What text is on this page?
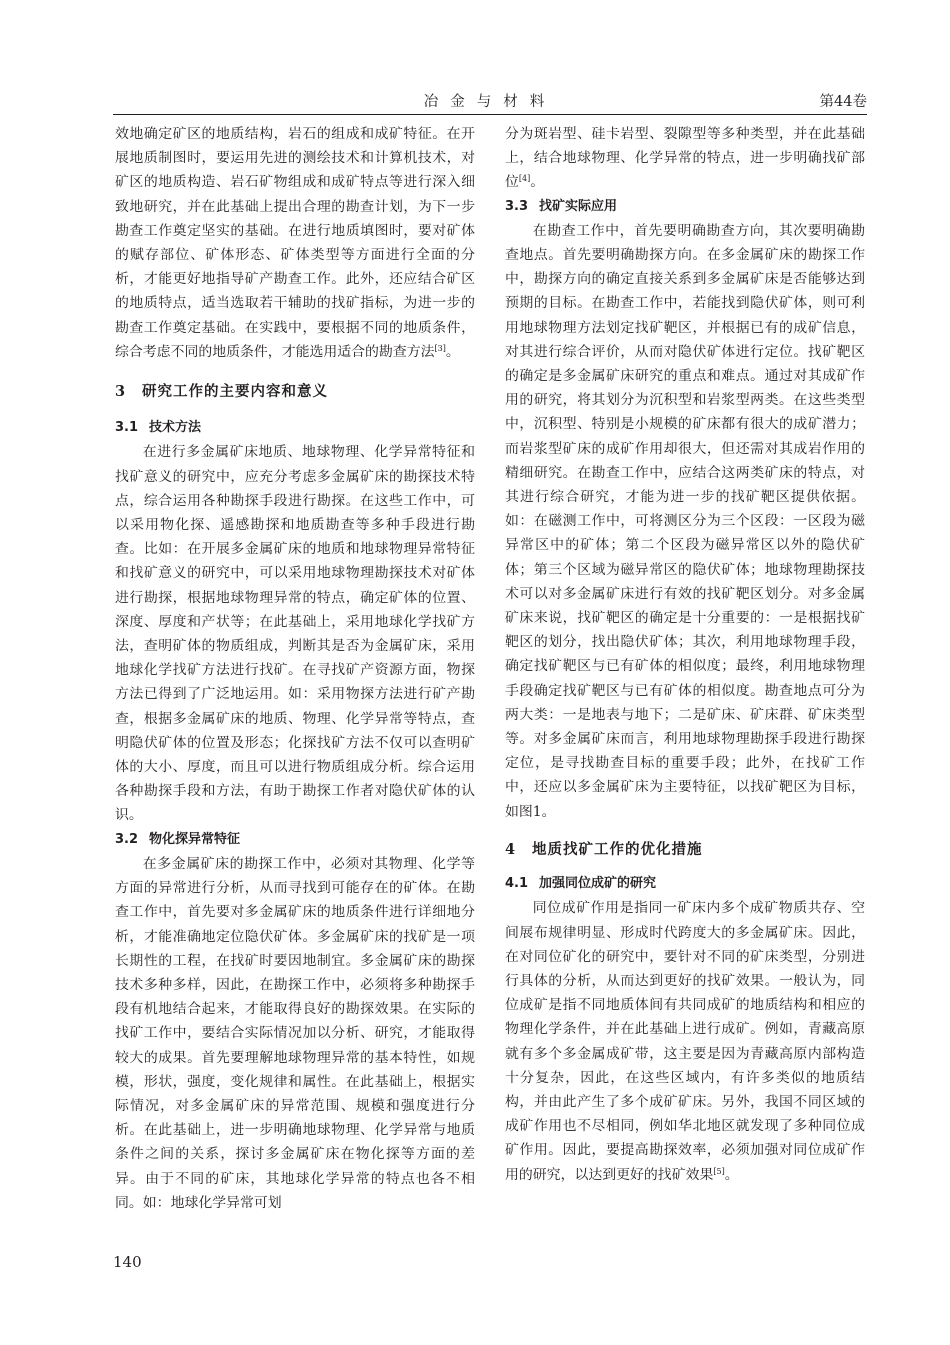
冶金与材料	第44卷

效地确定矿区的地质结构，岩石的组成和成矿特征。在开展地质制图时，要运用先进的测绘技术和计算机技术，对矿区的地质构造、岩石矿物组成和成矿特点等进行深入细致地研究，并在此基础上提出合理的勘查计划，为下一步勘查工作奠定坚实的基础。在进行地质填图时，要对矿体的赋存部位、矿体形态、矿体类型等方面进行全面的分析，才能更好地指导矿产勘查工作。此外，还应结合矿区的地质特点，适当选取若干辅助的找矿指标，为进一步的勘查工作奠定基础。在实践中，要根据不同的地质条件，综合考虑不同的地质条件，才能选用适合的勘查方法[3]。

3 研究工作的主要内容和意义
3.1 技术方法

在进行多金属矿床地质、地球物理、化学异常特征和找矿意义的研究中，应充分考虑多金属矿床的勘探技术特点，综合运用各种勘探手段进行勘探。在这些工作中，可以采用物化探、遥感勘探和地质勘查等多种手段进行勘查。比如：在开展多金属矿床的地质和地球物理异常特征和找矿意义的研究中，可以采用地球物理勘探技术对矿体进行勘探，根据地球物理异常的特点，确定矿体的位置、深度、厚度和产状等；在此基础上，采用地球化学找矿方法，查明矿体的物质组成，判断其是否为金属矿床，采用地球化学找矿方法进行找矿。在寻找矿产资源方面，物探方法已得到了广泛地运用。如：采用物探方法进行矿产勘查，根据多金属矿床的地质、物理、化学异常等特点，查明隐伏矿体的位置及形态；化探找矿方法不仅可以查明矿体的大小、厚度，而且可以进行物质组成分析。综合运用各种勘探手段和方法，有助于勘探工作者对隐伏矿体的认识。

3.2 物化探异常特征

在多金属矿床的勘探工作中，必须对其物理、化学等方面的异常进行分析，从而寻找到可能存在的矿体。在勘查工作中，首先要对多金属矿床的地质条件进行详细地分析，才能准确地定位隐伏矿体。多金属矿床的找矿是一项长期性的工程，在找矿时要因地制宜。多金属矿床的勘探技术多种多样，因此，在勘探工作中，必须将多种勘探手段有机地结合起来，才能取得良好的勘探效果。在实际的找矿工作中，要结合实际情况加以分析、研究，才能取得较大的成果。首先要理解地球物理异常的基本特性，如规模，形状，强度，变化规律和属性。在此基础上，根据实际情况，对多金属矿床的异常范围、规模和强度进行分析。在此基础上，进一步明确地球物理、化学异常与地质条件之间的关系，探讨多金属矿床在物化探等方面的差异。由于不同的矿床，其地球化学异常的特点也各不相同。如：地球化学异常可划

分为斑岩型、硅卡岩型、裂隙型等多种类型，并在此基础上，结合地球物理、化学异常的特点，进一步明确找矿部位[4]。

3.3 找矿实际应用

在勘查工作中，首先要明确勘查方向，其次要明确勘查地点。首先要明确勘探方向。在多金属矿床的勘探工作中，勘探方向的确定直接关系到多金属矿床是否能够达到预期的目标。在勘查工作中，若能找到隐伏矿体，则可利用地球物理方法划定找矿靶区，并根据已有的成矿信息，对其进行综合评价，从而对隐伏矿体进行定位。找矿靶区的确定是多金属矿床研究的重点和难点。通过对其成矿作用的研究，将其划分为沉积型和岩浆型两类。在这些类型中，沉积型、特别是小规模的矿床都有很大的成矿潜力；而岩浆型矿床的成矿作用却很大，但还需对其成岩作用的精细研究。在勘查工作中，应结合这两类矿床的特点，对其进行综合研究，才能为进一步的找矿靶区提供依据。如：在磁测工作中，可将测区分为三个区段：一区段为磁异常区中的矿体；第二个区段为磁异常区以外的隐伏矿体；第三个区域为磁异常区的隐伏矿体；地球物理勘探技术可以对多金属矿床进行有效的找矿靶区划分。对多金属矿床来说，找矿靶区的确定是十分重要的：一是根据找矿靶区的划分，找出隐伏矿体；其次，利用地球物理手段，确定找矿靶区与已有矿体的相似度；最终，利用地球物理手段确定找矿靶区与已有矿体的相似度。勘查地点可分为两大类：一是地表与地下；二是矿床、矿床群、矿床类型等。对多金属矿床而言，利用地球物理勘探手段进行勘探定位，是寻找勘查目标的重要手段；此外，在找矿工作中，还应以多金属矿床为主要特征，以找矿靶区为目标，如图1。

4 地质找矿工作的优化措施
4.1 加强同位成矿的研究

同位成矿作用是指同一矿床内多个成矿物质共存、空间展布规律明显、形成时代跨度大的多金属矿床。因此，在对同位矿化的研究中，要针对不同的矿床类型，分别进行具体的分析，从而达到更好的找矿效果。一般认为，同位成矿是指不同地质体间有共同成矿的地质结构和相应的物理化学条件，并在此基础上进行成矿。例如，青藏高原就有多个多金属成矿带，这主要是因为青藏高原内部构造十分复杂，因此，在这些区域内，有许多类似的地质结构，并由此产生了多个成矿矿床。另外，我国不同区域的成矿作用也不尽相同，例如华北地区就发现了多种同位成矿作用。因此，要提高勘探效率，必须加强对同位成矿作用的研究，以达到更好的找矿效果[5]。

140
